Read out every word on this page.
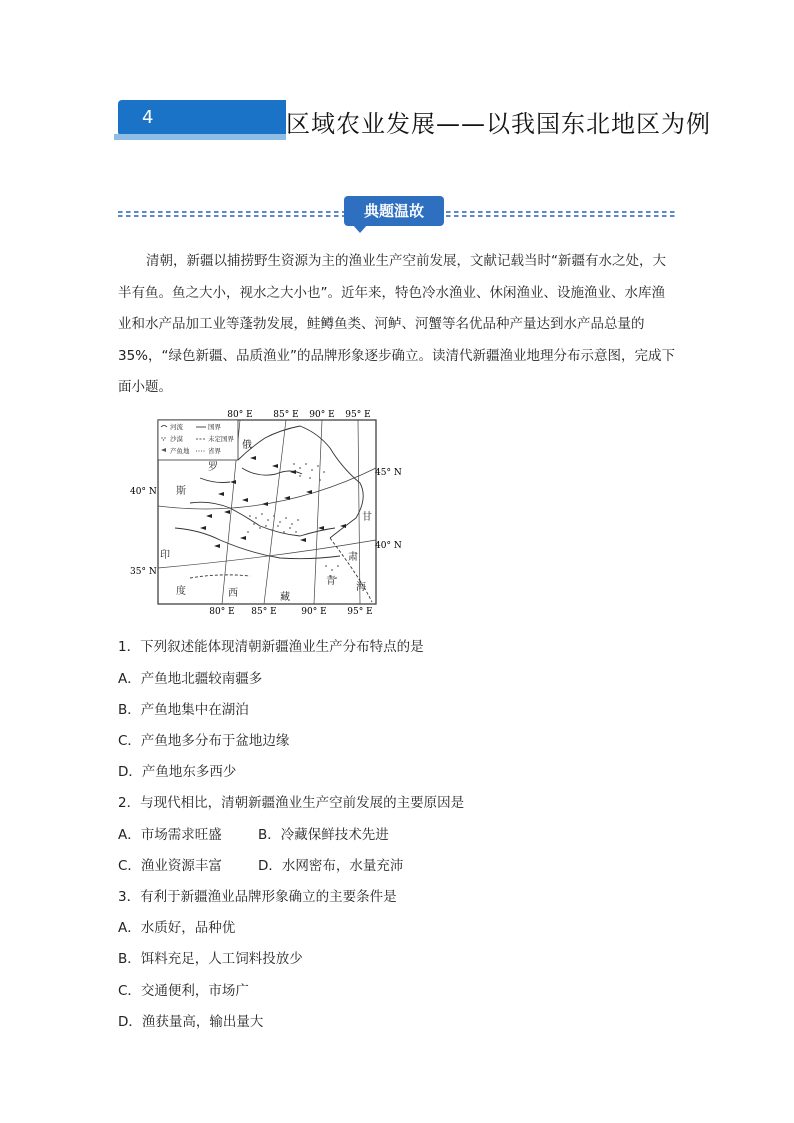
4	区域农业发展——以我国东北地区为例
典题温故

清朝，新疆以捕捞野生资源为主的渔业生产空前发展，文献记载当时“新疆有水之处，大半有鱼。鱼之大小，视水之大小也”。近年来，特色冷水渔业、休闲渔业、设施渔业、水库渔业和水产品加工业等蓬勃发展，鲑鳟鱼类、河鲈、河蟹等名优品种产量达到水产品总量的 35%，“绿色新疆、品质渔业”的品牌形象逐步确立。读清代新疆渔业地理分布示意图，完成下面小题。

80° E 85° E 90° E 95° E
80° E 85° E	90° E 95° E
40° N
35° N
45° N
40° N
河流	国界
沙漠	未定国界
产鱼地	省界 俄
罗
斯
印
度	西	藏
甘
肃
青
海
1．下列叙述能体现清朝新疆渔业生产分布特点的是
A．产鱼地北疆较南疆多
B．产鱼地集中在湖泊
C．产鱼地多分布于盆地边缘
D．产鱼地东多西少
2．与现代相比，清朝新疆渔业生产空前发展的主要原因是
A．市场需求旺盛	B．冷藏保鲜技术先进
C．渔业资源丰富	D．水网密布，水量充沛
3．有利于新疆渔业品牌形象确立的主要条件是
A．水质好，品种优
B．饵料充足，人工饲料投放少
C．交通便利，市场广
D．渔获量高，输出量大
